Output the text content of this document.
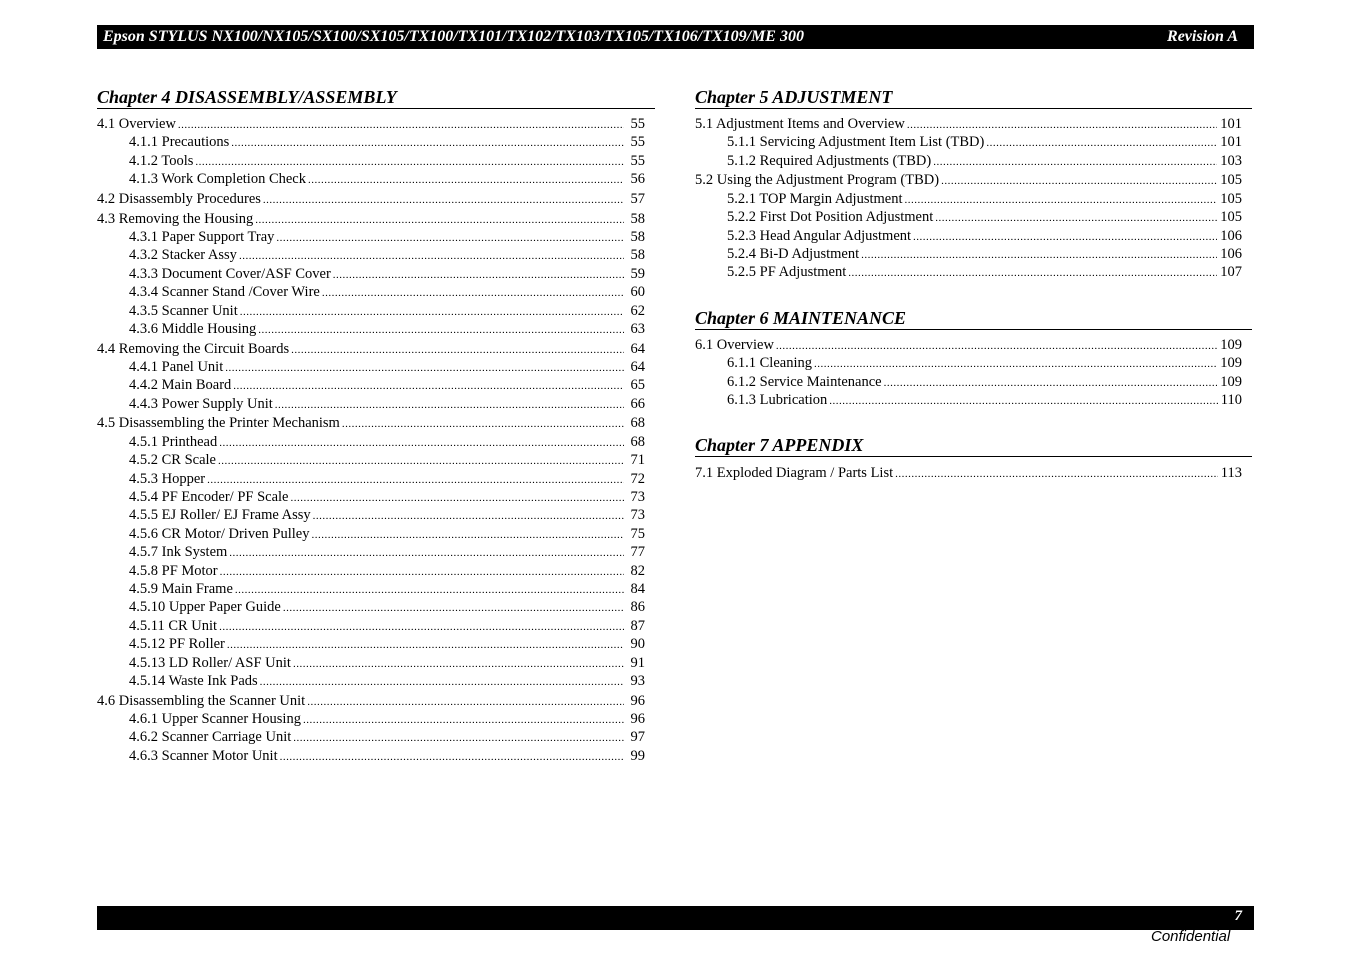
Epson STYLUS NX100/NX105/SX100/SX105/TX100/TX101/TX102/TX103/TX105/TX106/TX109/ME 300	Revision A
Chapter 4 DISASSEMBLY/ASSEMBLY
4.1 Overview .....	55
4.1.1 Precautions .....	55
4.1.2 Tools .....	55
4.1.3 Work Completion Check .....	56
4.2 Disassembly Procedures .....	57
4.3 Removing the Housing .....	58
4.3.1 Paper Support Tray .....	58
4.3.2 Stacker Assy .....	58
4.3.3 Document Cover/ASF Cover .....	59
4.3.4 Scanner Stand /Cover Wire .....	60
4.3.5 Scanner Unit .....	62
4.3.6 Middle Housing .....	63
4.4 Removing the Circuit Boards .....	64
4.4.1 Panel Unit .....	64
4.4.2 Main Board .....	65
4.4.3 Power Supply Unit .....	66
4.5 Disassembling the Printer Mechanism .....	68
4.5.1 Printhead .....	68
4.5.2 CR Scale .....	71
4.5.3 Hopper .....	72
4.5.4 PF Encoder/ PF Scale .....	73
4.5.5 EJ Roller/ EJ Frame Assy .....	73
4.5.6 CR Motor/ Driven Pulley .....	75
4.5.7 Ink System .....	77
4.5.8 PF Motor .....	82
4.5.9 Main Frame .....	84
4.5.10 Upper Paper Guide .....	86
4.5.11 CR Unit .....	87
4.5.12 PF Roller .....	90
4.5.13 LD Roller/ ASF Unit .....	91
4.5.14 Waste Ink Pads .....	93
4.6 Disassembling the Scanner Unit .....	96
4.6.1 Upper Scanner Housing .....	96
4.6.2 Scanner Carriage Unit .....	97
4.6.3 Scanner Motor Unit .....	99
Chapter 5 ADJUSTMENT
5.1 Adjustment Items and Overview .....	101
5.1.1 Servicing Adjustment Item List (TBD) .....	101
5.1.2 Required Adjustments (TBD) .....	103
5.2 Using the Adjustment Program (TBD) .....	105
5.2.1 TOP Margin Adjustment .....	105
5.2.2 First Dot Position Adjustment .....	105
5.2.3 Head Angular Adjustment .....	106
5.2.4 Bi-D Adjustment .....	106
5.2.5 PF Adjustment .....	107
Chapter 6 MAINTENANCE
6.1 Overview .....	109
6.1.1 Cleaning .....	109
6.1.2 Service Maintenance .....	109
6.1.3 Lubrication .....	110
Chapter 7 APPENDIX
7.1 Exploded Diagram / Parts List .....	113
7
Confidential
